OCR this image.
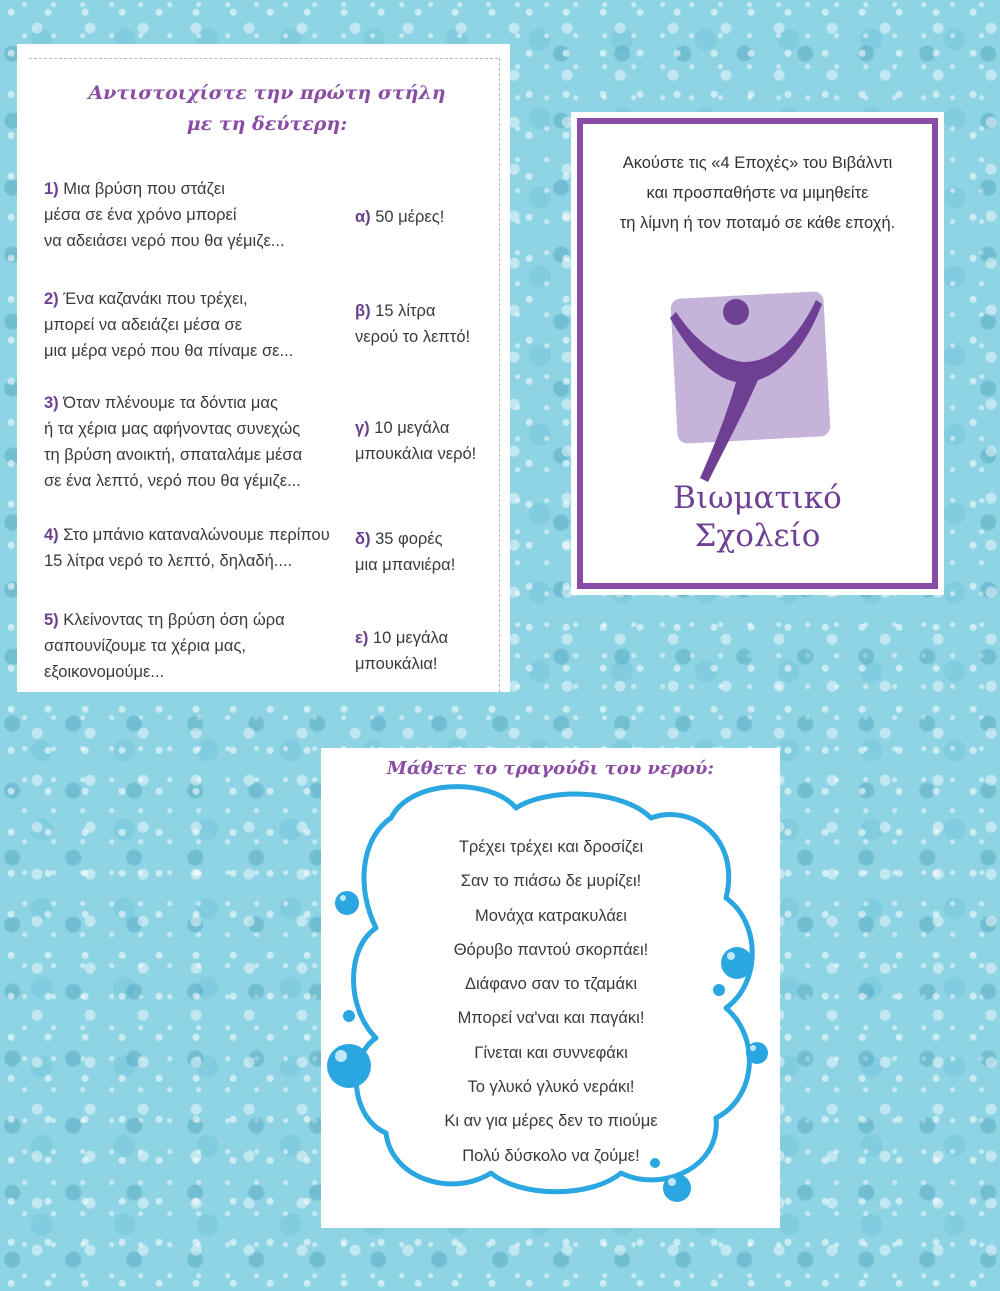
Αντιστοιχίστε την πρώτη στήλη
με τη δεύτερη:
1) Μια βρύση που στάζει
μέσα σε ένα χρόνο μπορεί
να αδειάσει νερό που θα γέμιζε...
α) 50 μέρες!
2) Ένα καζανάκι που τρέχει,
μπορεί να αδειάζει μέσα σε
μια μέρα νερό που θα πίναμε σε...
β) 15 λίτρα
νερού το λεπτό!
3) Όταν πλένουμε τα δόντια μας
ή τα χέρια μας αφήνοντας συνεχώς
τη βρύση ανοικτή, σπαταλάμε μέσα
σε ένα λεπτό, νερό που θα γέμιζε...
γ) 10 μεγάλα
μπουκάλια νερό!
4) Στο μπάνιο καταναλώνουμε περίπου
15 λίτρα νερό το λεπτό, δηλαδή....
δ) 35 φορές
μια μπανιέρα!
5) Κλείνοντας τη βρύση όση ώρα
σαπουνίζουμε τα χέρια μας,
εξοικονομούμε...
ε) 10 μεγάλα
μπουκάλια!
Ακούστε τις «4 Εποχές» του Βιβάλντι
και προσπαθήστε να μιμηθείτε
τη λίμνη ή τον ποταμό σε κάθε εποχή.
Βιωματικό
Σχολείο
Μάθετε το τραγούδι του νερού:
Τρέχει τρέχει και δροσίζει
Σαν το πιάσω δε μυρίζει!
Μονάχα κατρακυλάει
Θόρυβο παντού σκορπάει!
Διάφανο σαν το τζαμάκι
Μπορεί να'ναι και παγάκι!
Γίνεται και συννεφάκι
Το γλυκό γλυκό νεράκι!
Κι αν για μέρες δεν το πιούμε
Πολύ δύσκολο να ζούμε!
